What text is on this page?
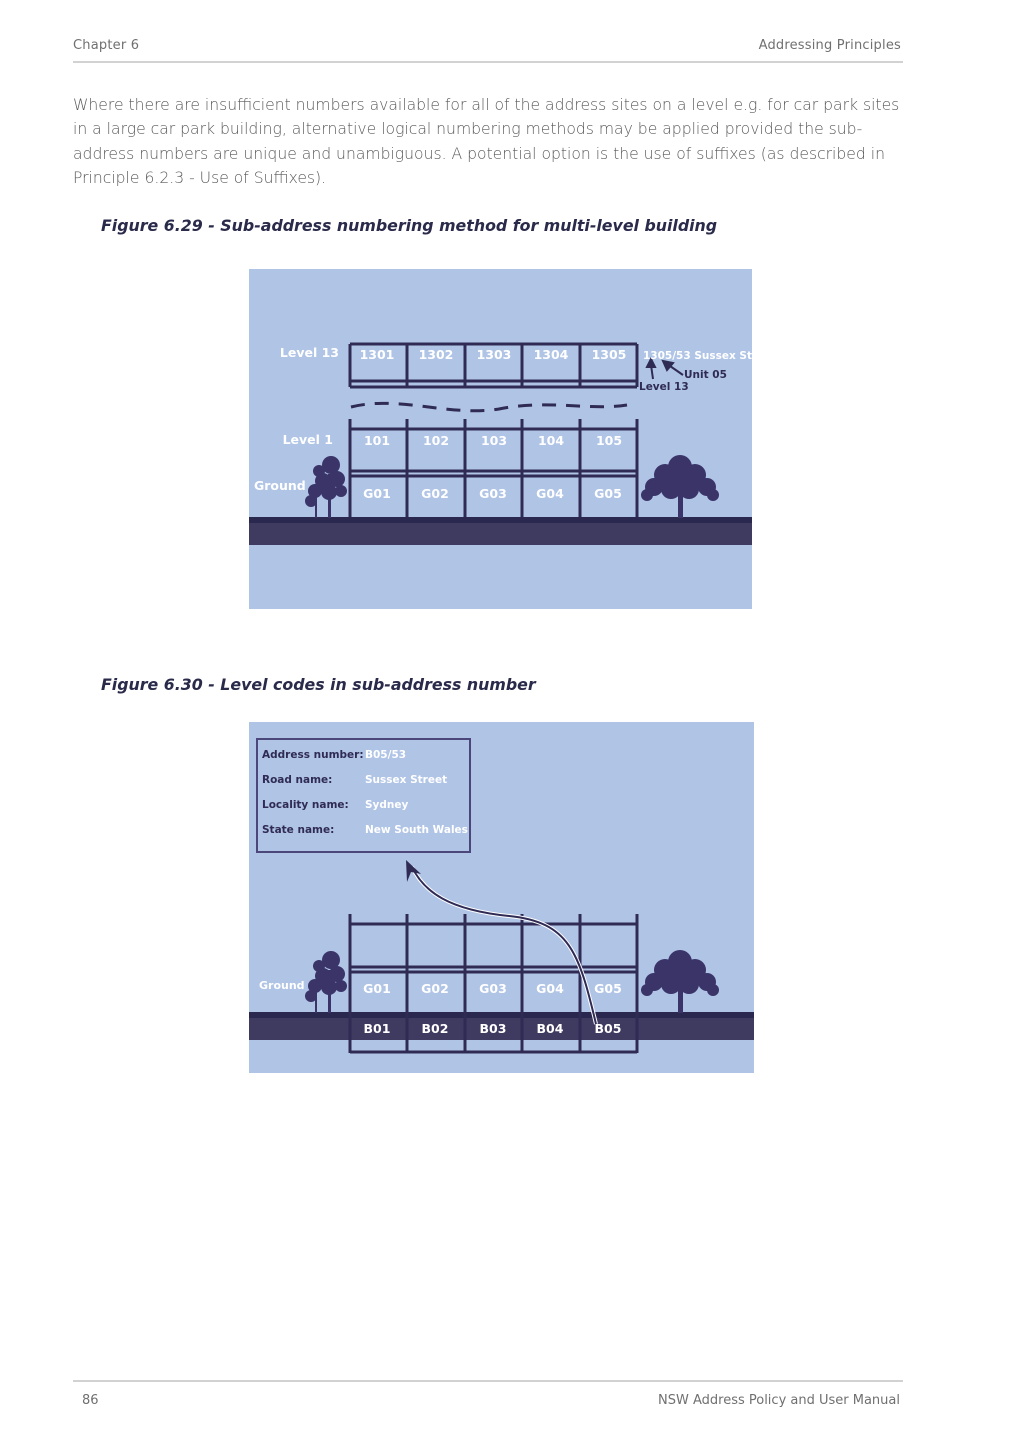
Chapter 6	Addressing Principles

Where there are insufficient numbers available for all of the address sites on a level e.g. for car park sites in a large car park building, alternative logical numbering methods may be applied provided the sub-address numbers are unique and unambiguous. A potential option is the use of suffixes (as described in Principle 6.2.3 - Use of Suffixes).

Figure 6.29 - Sub-address numbering method for multi-level building

Level 13
Level 1
Ground
1301 1302 1303 1304 1305
101	102	103 104	105
G01 G02 G03 G04 G05
1305/53 Sussex St
Unit 05
Level 13

Figure 6.30 - Level codes in sub-address number

Address number: B05/53
Road name:	Sussex Street
Locality name: Sydney
State name:	New South Wales
Ground	G01 G02 G03 G04 G05
B01 B02 B03 B04 B05
86	NSW Address Policy and User Manual
